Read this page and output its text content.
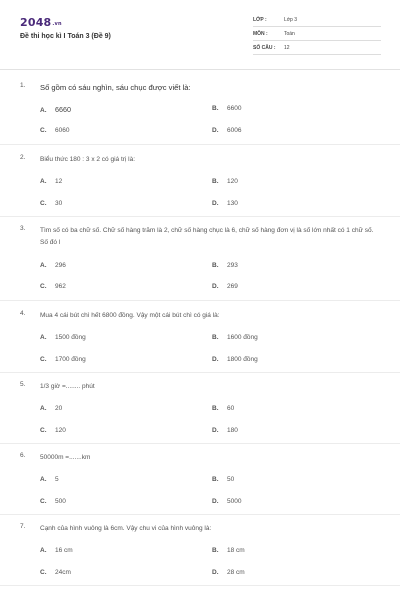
2048.vn
Đề thi học kì I Toán 3 (Đề 9)
LỚP :	Lớp 3
MÔN :	Toán
SỐ CÂU : 12
1. Số gồm có sáu nghìn, sáu chục được viết là:
A. 6660	B. 6600
C. 6060	D. 6006
2. Biểu thức 180 : 3 x 2 có giá trị là:
A. 12	B. 120
C. 30	D. 130
3. Tìm số có ba chữ số. Chữ số hàng trăm là 2, chữ số hàng chục là 6, chữ số hàng đơn vị là số lớn nhất có 1 chữ số. Số đó l
A. 296	B. 293
C. 962	D. 269
4. Mua 4 cái bút chì hết 6800 đồng. Vậy một cái bút chì có giá là:
A. 1500 đồng	B. 1600 đồng
C. 1700 đồng	D. 1800 đồng
5. 1/3 giờ =........ phút
A. 20	B. 60
C. 120	D. 180
6. 50000m =.......km
A. 5	B. 50
C. 500	D. 5000
7. Cạnh của hình vuông là 6cm. Vậy chu vi của hình vuông là:
A. 16 cm	B. 18 cm
C. 24cm	D. 28 cm
